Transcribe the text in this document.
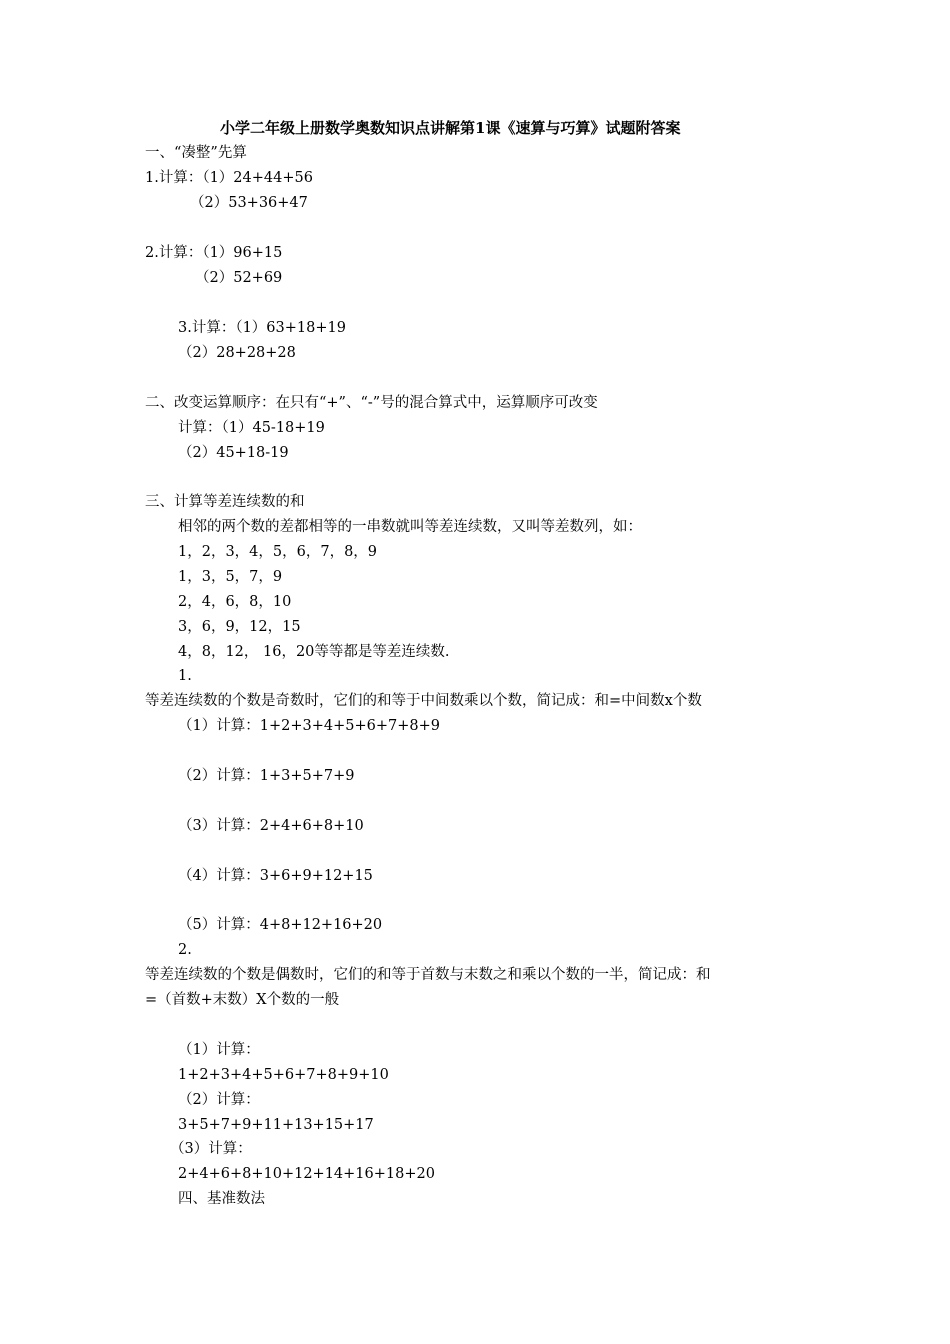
小学二年级上册数学奥数知识点讲解第1课《速算与巧算》试题附答案
一、“凑整”先算
1.计算：（1）24+44+56
（2）53+36+47
2.计算：（1）96+15
（2）52+69
3.计算：（1）63+18+19
（2）28+28+28
二、改变运算顺序：在只有“+”、“-”号的混合算式中，运算顺序可改变
计算：（1）45-18+19
（2）45+18-19
三、计算等差连续数的和
相邻的两个数的差都相等的一串数就叫等差连续数，又叫等差数列，如：
1，2，3，4，5，6，7，8，9
1，3，5，7，9
2，4，6，8，10
3，6，9，12，15
4，8，12， 16，20等等都是等差连续数.
1.
等差连续数的个数是奇数时，它们的和等于中间数乘以个数，简记成：和=中间数x个数
（1）计算：1+2+3+4+5+6+7+8+9
（2）计算：1+3+5+7+9
（3）计算：2+4+6+8+10
（4）计算：3+6+9+12+15
（5）计算：4+8+12+16+20
2.
等差连续数的个数是偶数时，它们的和等于首数与末数之和乘以个数的一半，简记成：和
=（首数+末数）X个数的一般
（1）计算：
1+2+3+4+5+6+7+8+9+10
（2）计算：
3+5+7+9+11+13+15+17
（3）计算：
2+4+6+8+10+12+14+16+18+20
四、基准数法
